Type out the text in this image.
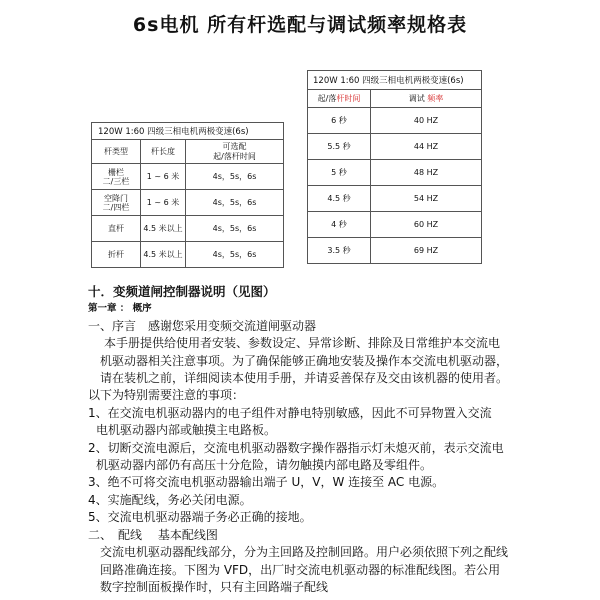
6s电机 所有杆选配与调试频率规格表
120W 1:60 四级三相电机两极变速(6s)		
杆类型	杆长度	可选配
起/落杆时间
栅栏
二/三栏	1 ~ 6 米	4s，5s，6s
空降门
二/四栏	1 ~ 6 米	4s，5s，6s
直杆	4.5 米以上	4s，5s，6s
折杆	4.5 米以上	4s，5s，6s
120W 1:60 四级三相电机两极变速(6s)	
起/落杆时间	调试 频率
6 秒	40 HZ
5.5 秒	44 HZ
5 秒	48 HZ
4.5 秒	54 HZ
4 秒	60 HZ
3.5 秒	69 HZ

十．变频道闸控制器说明（见图）

第一章 ： 概序

一、序言　感谢您采用变频交流道闸驱动器

本手册提供给使用者安装、参数设定、异常诊断、排除及日常维护本交流电

机驱动器相关注意事项。为了确保能够正确地安装及操作本交流电机驱动器，

请在装机之前，详细阅读本使用手册，并请妥善保存及交由该机器的使用者。

以下为特别需要注意的事项：

1、在交流电机驱动器内的电子组件对静电特别敏感，因此不可异物置入交流

电机驱动器内部或触摸主电路板。

2、切断交流电源后，交流电机驱动器数字操作器指示灯未熄灭前，表示交流电

机驱动器内部仍有高压十分危险，请勿触摸内部电路及零组件。

3、绝不可将交流电机驱动器输出端子 U，V，W 连接至 AC 电源。

4、实施配线，务必关闭电源。

5、交流电机驱动器端子务必正确的接地。

二、　配线　 基本配线图

交流电机驱动器配线部分，分为主回路及控制回路。用户必须依照下列之配线

回路准确连接。下图为 VFD，出厂时交流电机驱动器的标准配线图。若公用

数字控制面板操作时，只有主回路端子配线
